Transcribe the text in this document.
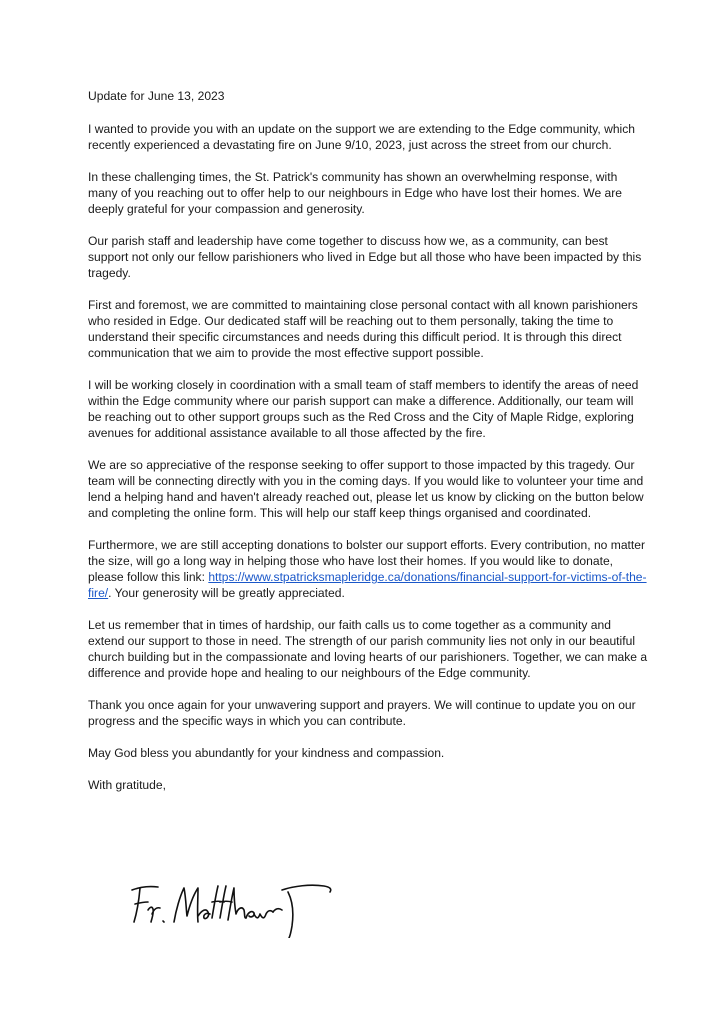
Update for June 13, 2023

I wanted to provide you with an update on the support we are extending to the Edge community, which recently experienced a devastating fire on June 9/10, 2023, just across the street from our church.

In these challenging times, the St. Patrick's community has shown an overwhelming response, with many of you reaching out to offer help to our neighbours in Edge who have lost their homes. We are deeply grateful for your compassion and generosity.

Our parish staff and leadership have come together to discuss how we, as a community, can best support not only our fellow parishioners who lived in Edge but all those who have been impacted by this tragedy.

First and foremost, we are committed to maintaining close personal contact with all known parishioners who resided in Edge. Our dedicated staff will be reaching out to them personally, taking the time to understand their specific circumstances and needs during this difficult period. It is through this direct communication that we aim to provide the most effective support possible.

I will be working closely in coordination with a small team of staff members to identify the areas of need within the Edge community where our parish support can make a difference. Additionally, our team will be reaching out to other support groups such as the Red Cross and the City of Maple Ridge, exploring avenues for additional assistance available to all those affected by the fire.

We are so appreciative of the response seeking to offer support to those impacted by this tragedy. Our team will be connecting directly with you in the coming days. If you would like to volunteer your time and lend a helping hand and haven't already reached out, please let us know by clicking on the button below and completing the online form. This will help our staff keep things organised and coordinated.

Furthermore, we are still accepting donations to bolster our support efforts. Every contribution, no matter the size, will go a long way in helping those who have lost their homes. If you would like to donate, please follow this link: https://www.stpatricksmapleridge.ca/donations/financial-support-for-victims-of-the-fire/. Your generosity will be greatly appreciated.

Let us remember that in times of hardship, our faith calls us to come together as a community and extend our support to those in need. The strength of our parish community lies not only in our beautiful church building but in the compassionate and loving hearts of our parishioners. Together, we can make a difference and provide hope and healing to our neighbours of the Edge community.

Thank you once again for your unwavering support and prayers. We will continue to update you on our progress and the specific ways in which you can contribute.

May God bless you abundantly for your kindness and compassion.

With gratitude,
